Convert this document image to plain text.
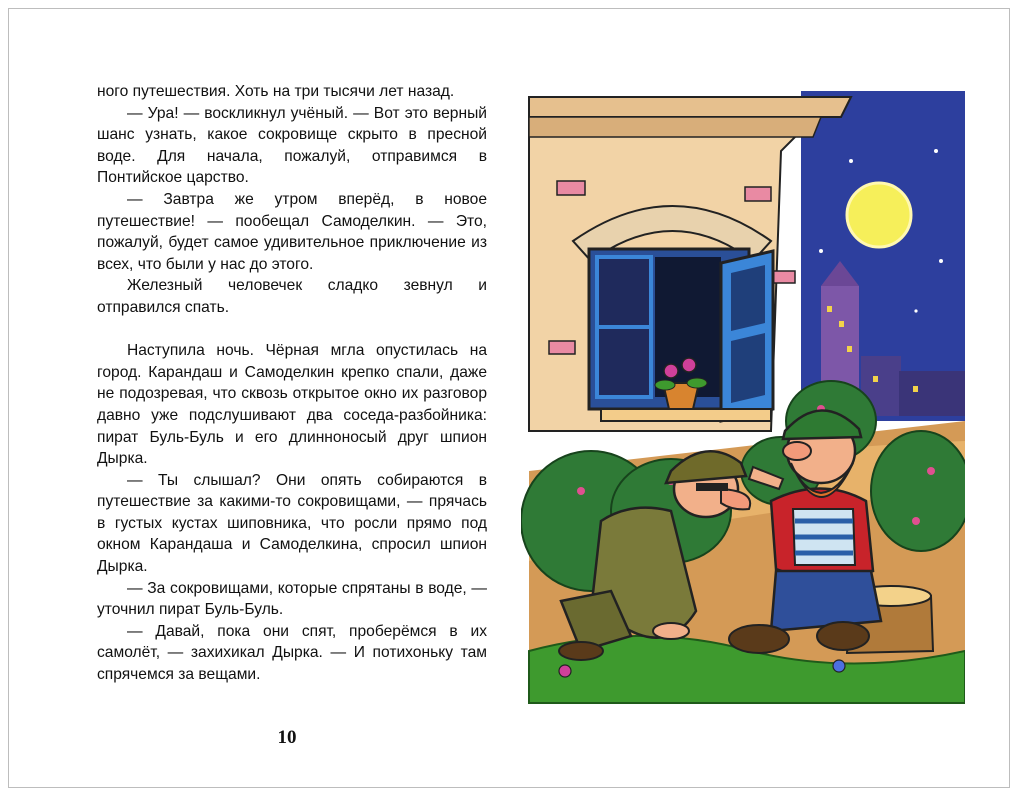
ного путешествия. Хоть на три тысячи лет назад.

— Ура! — воскликнул учёный. — Вот это верный шанс узнать, какое сокровище скрыто в пресной воде. Для начала, пожалуй, отправимся в Понтийское царство.

— Завтра же утром вперёд, в новое путешествие! — пообещал Самоделкин. — Это, пожалуй, будет самое удивительное приключение из всех, что были у нас до этого.

Железный человечек сладко зевнул и отправился спать.

Наступила ночь. Чёрная мгла опустилась на город. Карандаш и Самоделкин крепко спали, даже не подозревая, что сквозь открытое окно их разговор давно уже подслушивают два соседа-разбойника: пират Буль-Буль и его длинноносый друг шпион Дырка.

— Ты слышал? Они опять собираются в путешествие за какими-то сокровищами, — прячась в густых кустах шиповника, что росли прямо под окном Карандаша и Самоделкина, спросил шпион Дырка.

— За сокровищами, которые спрятаны в воде, — уточнил пират Буль-Буль.

— Давай, пока они спят, проберёмся в их самолёт, — захихикал Дырка. — И потихоньку там спрячемся за вещами.

10
